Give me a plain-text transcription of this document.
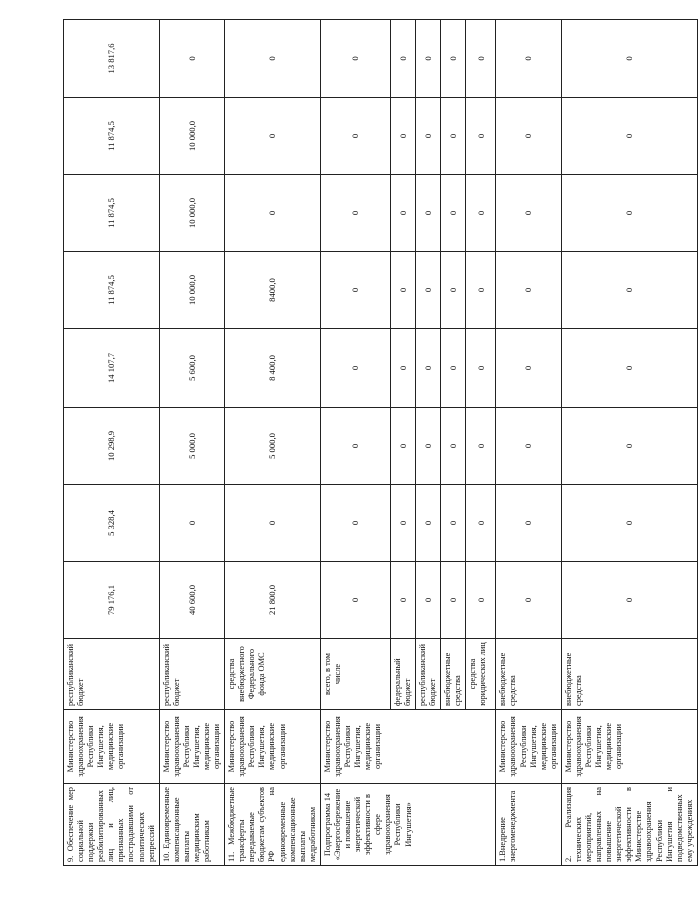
9. Обеспечение мер социальной поддержки реабилитированных лиц и лиц, признанных пострадавшими от политических репрессий	Министерство здравоохранения Республики Ингушетия, медицинские организации	республиканский бюджет	79 176,1	5 328,4	10 298,9	14 107,7	11 874,5	11 874,5	11 874,5	13 817,6
10. Единовременные компенсационные выплаты медицинским работникам	Министерство здравоохранения Республики Ингушетия, медицинские организации	республиканский бюджет	40 600,0	0	5 000,0	5 600,0	10 000,0	10 000,0	10 000,0	0
11. Межбюджетные трансферты передаваемые бюджетам субъектов РФ на единовременные компенсационные выплаты медработникам	Министерство здравоохранения Республики Ингушетия, медицинские организации	средства внебюджетного Федерального фонда ОМС	21 800,0	0	5 000,0	8 400,0	8400,0	0	0	0
Подпрограмма 14 «Энергосбережение и повышение энергетической эффективности в сфере здравоохранения Республики Ингушетия»	Министерство здравоохранения Республики Ингушетия, медицинские организации	всего, в том числе	0	0	0	0	0	0	0	0
		федеральный бюджет	0	0	0	0	0	0	0	0
		республиканский бюджет	0	0	0	0	0	0	0	0
		внебюджетные средства	0	0	0	0	0	0	0	0
		средства юридических лиц	0	0	0	0	0	0	0	0
1.Внедрение энергоменеджмента	Министерство здравоохранения Республики Ингушетия, медицинские организации	внебюджетные средства	0	0	0	0	0	0	0	0
2. Реализация технических мероприятий, направленных на повышение энергетической эффективности в Министерстве здравоохранения Республики Ингушетия и подведомственных ему учреждениях	Министерство здравоохранения Республики Ингушетия, медицинские организации	внебюджетные средства	0	0	0	0	0	0	0	0
